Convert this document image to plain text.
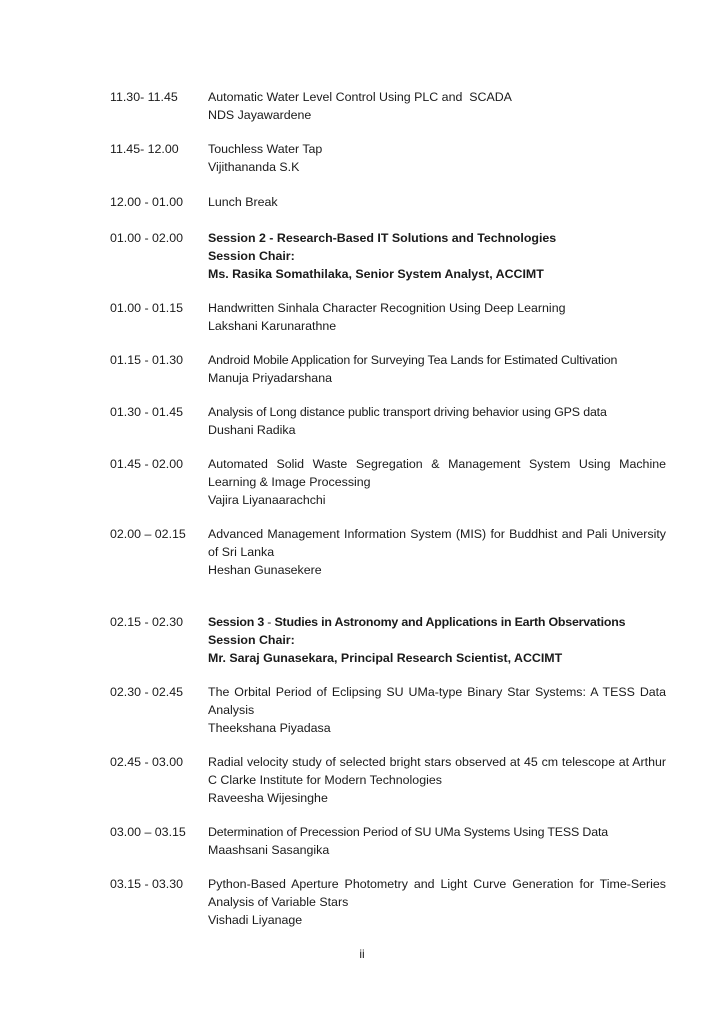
11.30- 11.45	Automatic Water Level Control Using PLC and  SCADA
NDS Jayawardene
11.45- 12.00	Touchless Water Tap
Vijithananda S.K
12.00 - 01.00	Lunch Break
01.00 - 02.00	Session 2 - Research-Based IT Solutions and Technologies
Session Chair:
Ms. Rasika Somathilaka, Senior System Analyst, ACCIMT
01.00 - 01.15	Handwritten Sinhala Character Recognition Using Deep Learning
Lakshani Karunarathne
01.15 - 01.30	Android Mobile Application for Surveying Tea Lands for Estimated Cultivation
Manuja Priyadarshana
01.30 - 01.45	Analysis of Long distance public transport driving behavior using GPS data
Dushani Radika
01.45 - 02.00	Automated Solid Waste Segregation & Management System Using Machine Learning & Image Processing
Vajira Liyanaarachchi
02.00 – 02.15	Advanced Management Information System (MIS) for Buddhist and Pali University of Sri Lanka
Heshan Gunasekere
02.15 - 02.30	Session 3 - Studies in Astronomy and Applications in Earth Observations
Session Chair:
Mr. Saraj Gunasekara, Principal Research Scientist, ACCIMT
02.30 - 02.45	The Orbital Period of Eclipsing SU UMa-type Binary Star Systems: A TESS Data Analysis
Theekshana Piyadasa
02.45 - 03.00	Radial velocity study of selected bright stars observed at 45 cm telescope at Arthur C Clarke Institute for Modern Technologies
Raveesha Wijesinghe
03.00 – 03.15	Determination of Precession Period of SU UMa Systems Using TESS Data
Maashsani Sasangika
03.15 - 03.30	Python-Based Aperture Photometry and Light Curve Generation for Time-Series Analysis of Variable Stars
Vishadi Liyanage
ii
